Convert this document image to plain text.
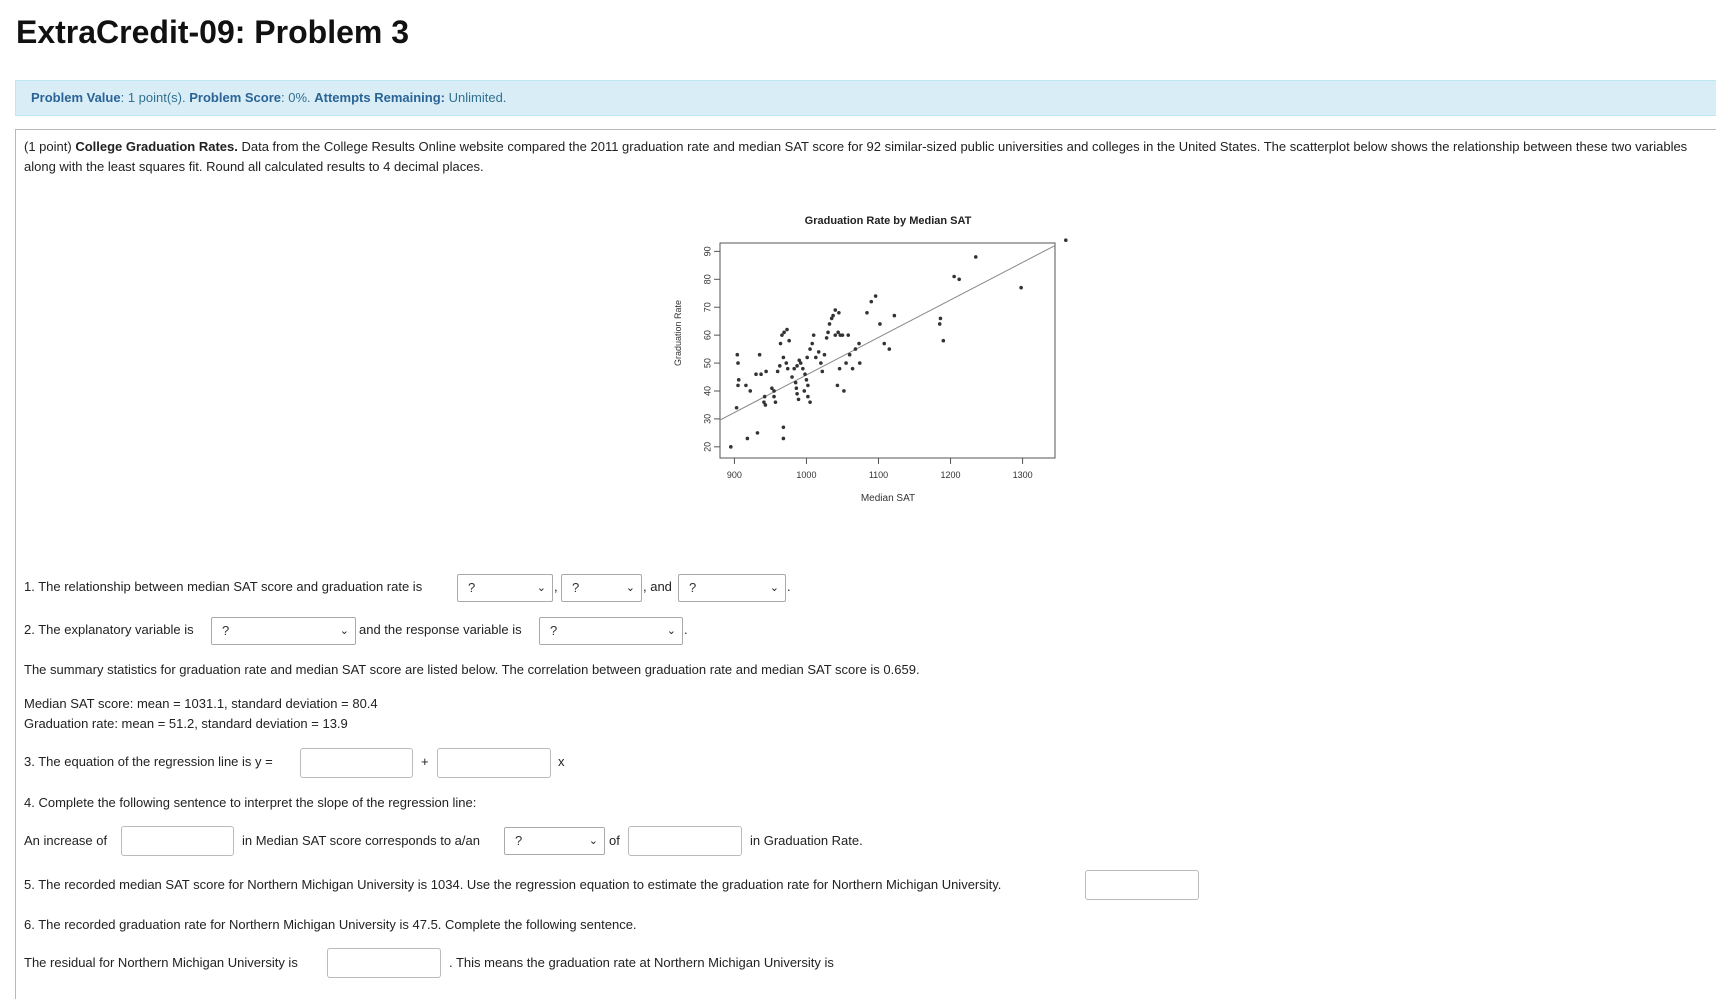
ExtraCredit-09: Problem 3
Problem Value: 1 point(s). Problem Score: 0%. Attempts Remaining: Unlimited.
(1 point) College Graduation Rates. Data from the College Results Online website compared the 2011 graduation rate and median SAT score for 92 similar-sized public universities and colleges in the United States. The scatterplot below shows the relationship between these two variables along with the least squares fit. Round all calculated results to 4 decimal places.
Graduation Rate by Median SAT
Median SAT
Graduation Rate
900	1000	1100	1200	1300
20
30
40
50
60
70
80
90
1. The relationship between median SAT score and graduation rate is	?	⌄ ,	?	⌄ , and	?	⌄ .
2. The explanatory variable is	?	⌄ and the response variable is	?	⌄ .
The summary statistics for graduation rate and median SAT score are listed below. The correlation between graduation rate and median SAT score is 0.659.
Median SAT score: mean = 1031.1, standard deviation = 80.4
Graduation rate: mean = 51.2, standard deviation = 13.9
3. The equation of the regression line is y =	+	x
4. Complete the following sentence to interpret the slope of the regression line:
An increase of	in Median SAT score corresponds to a/an	?	⌄ of	in Graduation Rate.
5. The recorded median SAT score for Northern Michigan University is 1034. Use the regression equation to estimate the graduation rate for Northern Michigan University.
6. The recorded graduation rate for Northern Michigan University is 47.5. Complete the following sentence.
The residual for Northern Michigan University is	. This means the graduation rate at Northern Michigan University is
